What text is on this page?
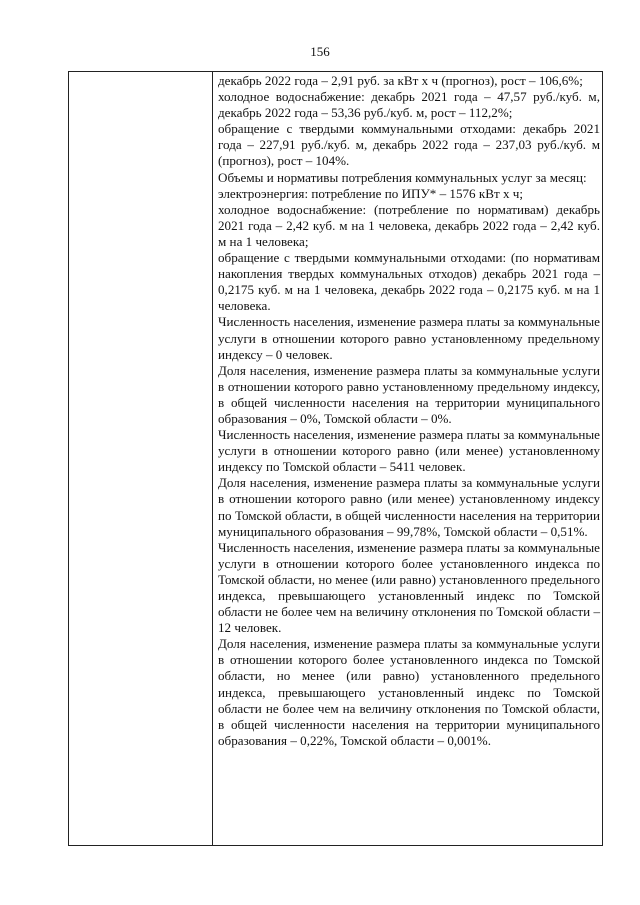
156

декабрь 2022 года – 2,91 руб. за кВт х ч (прогноз), рост – 106,6%;

холодное водоснабжение: декабрь 2021 года – 47,57 руб./куб. м, декабрь 2022 года – 53,36 руб./куб. м, рост – 112,2%;

обращение с твердыми коммунальными отходами: декабрь 2021 года – 227,91 руб./куб. м, декабрь 2022 года – 237,03 руб./куб. м (прогноз), рост – 104%.

Объемы и нормативы потребления коммунальных услуг за месяц:

электроэнергия: потребление по ИПУ* – 1576 кВт х ч;

холодное водоснабжение: (потребление по нормативам) декабрь 2021 года – 2,42 куб. м на 1 человека, декабрь 2022 года – 2,42 куб. м на 1 человека;

обращение с твердыми коммунальными отходами: (по нормативам накопления твердых коммунальных отходов) декабрь 2021 года – 0,2175 куб. м на 1 человека, декабрь 2022 года – 0,2175 куб. м на 1 человека.

Численность населения, изменение размера платы за коммунальные услуги в отношении которого равно установленному предельному индексу – 0 человек.

Доля населения, изменение размера платы за коммунальные услуги в отношении которого равно установленному предельному индексу, в общей численности населения на территории муниципального образования – 0%, Томской области – 0%.

Численность населения, изменение размера платы за коммунальные услуги в отношении которого равно (или менее) установленному индексу по Томской области – 5411 человек.

Доля населения, изменение размера платы за коммунальные услуги в отношении которого равно (или менее) установленному индексу по Томской области, в общей численности населения на территории муниципального образования – 99,78%, Томской области – 0,51%.

Численность населения, изменение размера платы за коммунальные услуги в отношении которого более установленного индекса по Томской области, но менее (или равно) установленного предельного индекса, превышающего установленный индекс по Томской области не более чем на величину отклонения по Томской области – 12 человек.

Доля населения, изменение размера платы за коммунальные услуги в отношении которого более установленного индекса по Томской области, но менее (или равно) установленного предельного индекса, превышающего установленный индекс по Томской области не более чем на величину отклонения по Томской области, в общей численности населения на территории муниципального образования – 0,22%, Томской области – 0,001%.
